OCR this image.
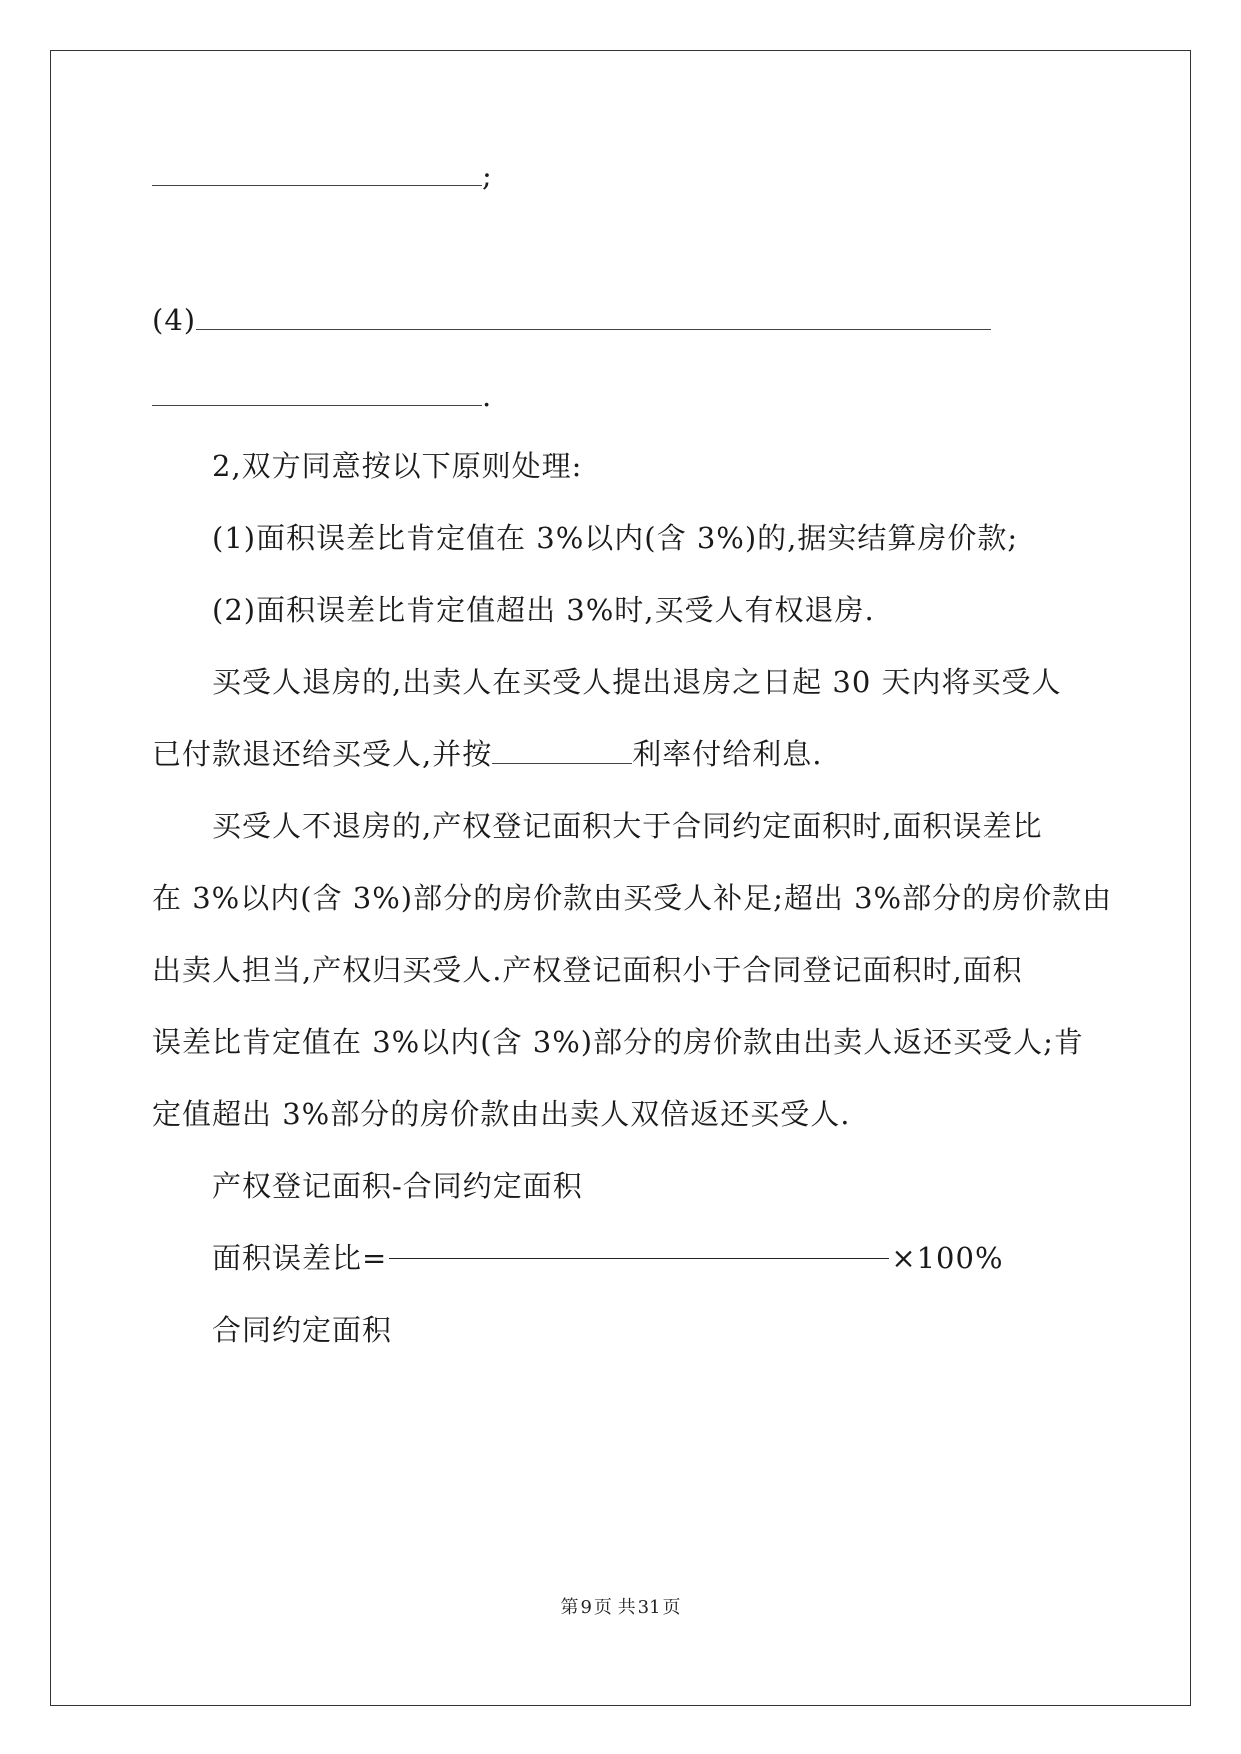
;
(4)
.
2,双方同意按以下原则处理:
(1)面积误差比肯定值在 3%以内(含 3%)的,据实结算房价款;
(2)面积误差比肯定值超出 3%时,买受人有权退房.
买受人退房的,出卖人在买受人提出退房之日起 30 天内将买受人
已付款退还给买受人,并按	利率付给利息.
买受人不退房的,产权登记面积大于合同约定面积时,面积误差比
在 3%以内(含 3%)部分的房价款由买受人补足;超出 3%部分的房价款由
出卖人担当,产权归买受人.产权登记面积小于合同登记面积时,面积
误差比肯定值在 3%以内(含 3%)部分的房价款由出卖人返还买受人;肯
定值超出 3%部分的房价款由出卖人双倍返还买受人.
产权登记面积-合同约定面积
面积误差比=	×100%
合同约定面积
第 9 页 共 31 页
